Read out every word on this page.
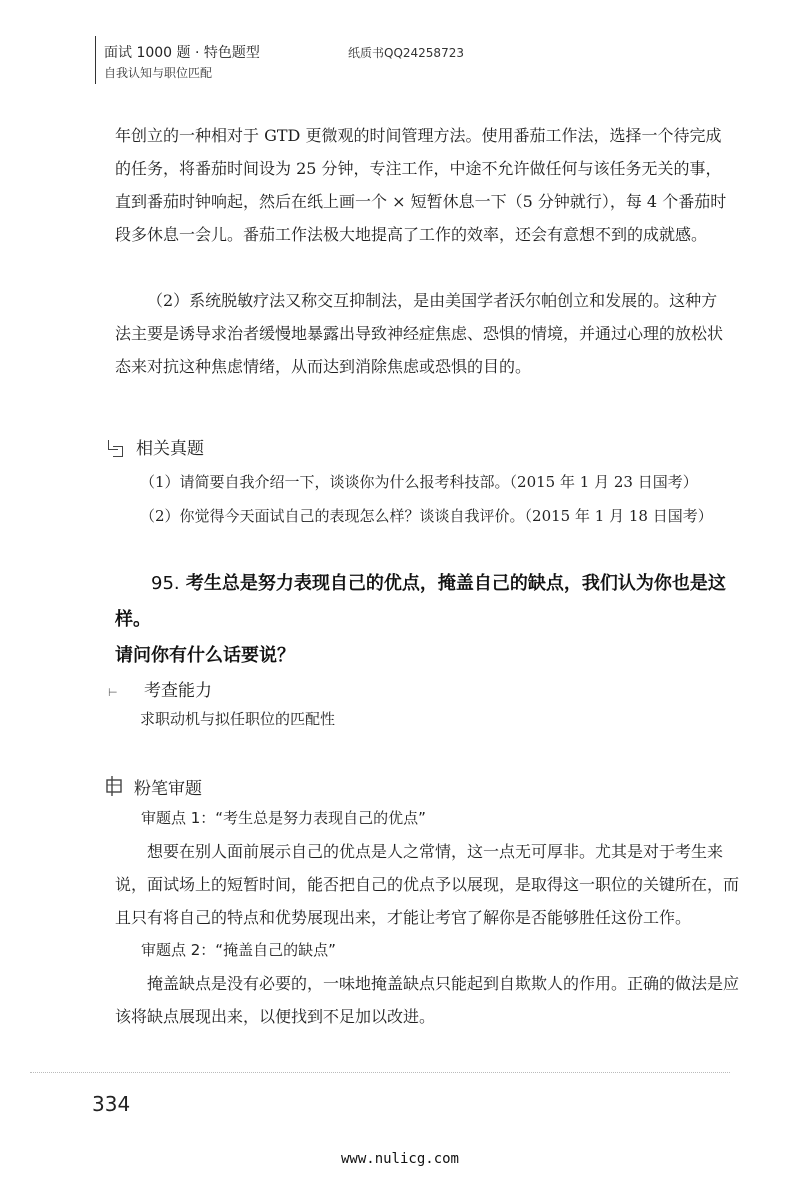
面试 1000 题 · 特色题型
自我认知与职位匹配
纸质书QQ24258723
年创立的一种相对于 GTD 更微观的时间管理方法。使用番茄工作法，选择一个待完成的任务，将番茄时间设为 25 分钟，专注工作，中途不允许做任何与该任务无关的事，直到番茄时钟响起，然后在纸上画一个 × 短暂休息一下（5 分钟就行），每 4 个番茄时段多休息一会儿。番茄工作法极大地提高了工作的效率，还会有意想不到的成就感。
（2）系统脱敏疗法又称交互抑制法，是由美国学者沃尔帕创立和发展的。这种方法主要是诱导求治者缓慢地暴露出导致神经症焦虑、恐惧的情境，并通过心理的放松状态来对抗这种焦虑情绪，从而达到消除焦虑或恐惧的目的。
相关真题
（1）请简要自我介绍一下，谈谈你为什么报考科技部。（2015 年 1 月 23 日国考）
（2）你觉得今天面试自己的表现怎么样？谈谈自我评价。（2015 年 1 月 18 日国考）
95. 考生总是努力表现自己的优点，掩盖自己的缺点，我们认为你也是这样。
请问你有什么话要说？
⊢ 考查能力
求职动机与拟任职位的匹配性
粉笔审题
审题点 1：“考生总是努力表现自己的优点”
想要在别人面前展示自己的优点是人之常情，这一点无可厚非。尤其是对于考生来说，面试场上的短暂时间，能否把自己的优点予以展现，是取得这一职位的关键所在，而且只有将自己的特点和优势展现出来，才能让考官了解你是否能够胜任这份工作。
审题点 2：“掩盖自己的缺点”
掩盖缺点是没有必要的，一味地掩盖缺点只能起到自欺欺人的作用。正确的做法是应该将缺点展现出来，以便找到不足加以改进。
334
www.nulicg.com
